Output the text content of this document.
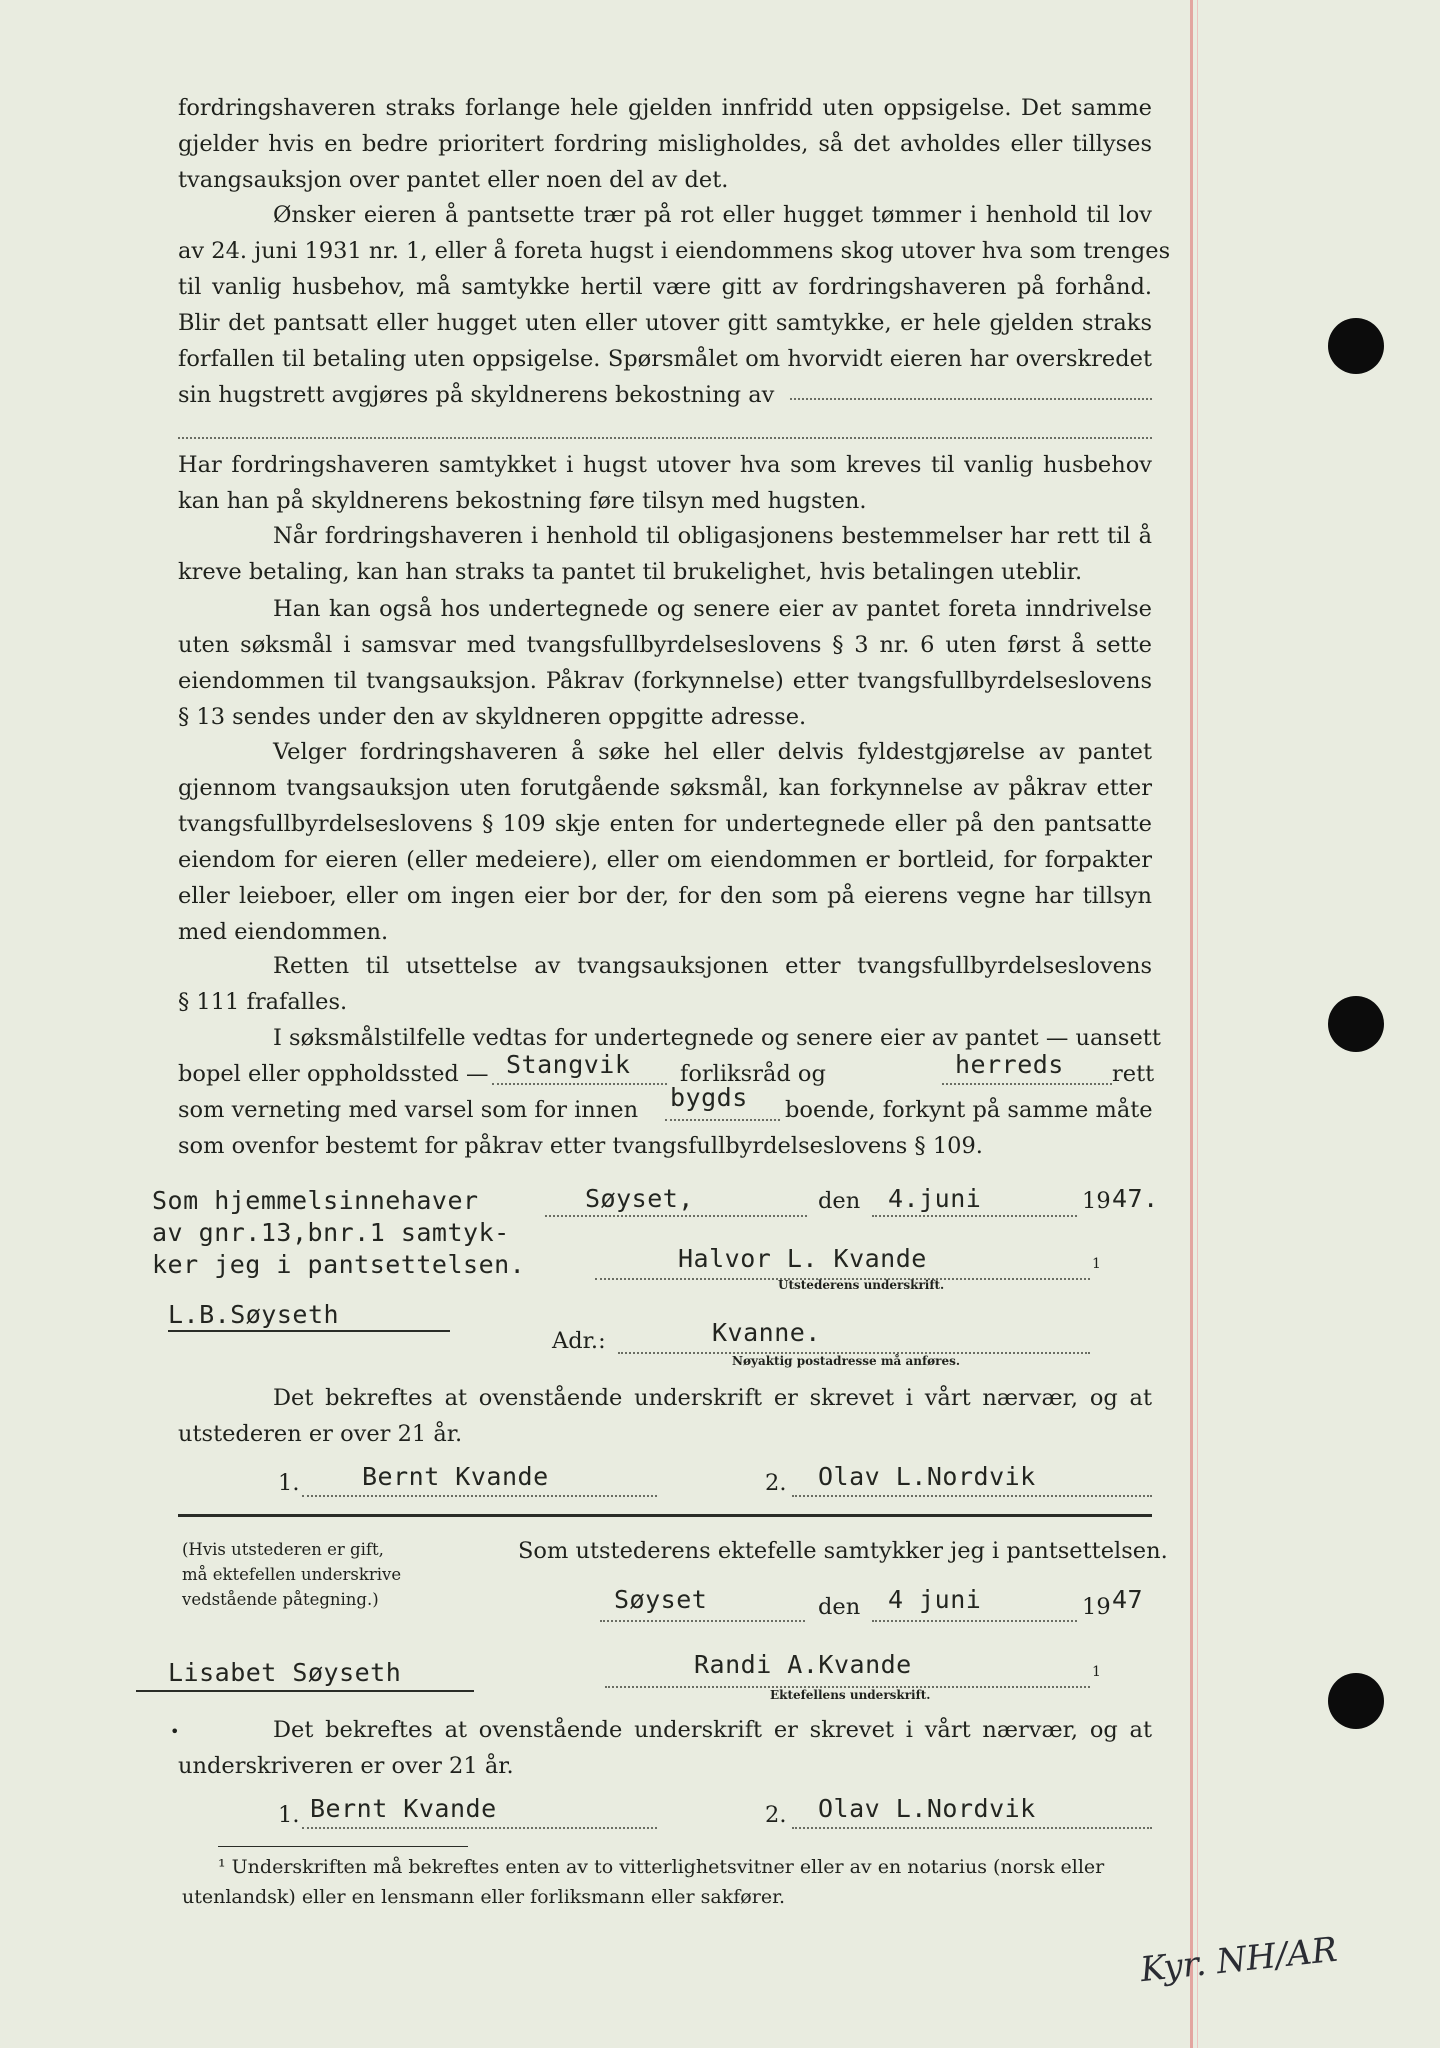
fordringshaveren straks forlange hele gjelden innfridd uten oppsigelse. Det samme
gjelder hvis en bedre prioritert fordring misligholdes, så det avholdes eller tillyses
tvangsauksjon over pantet eller noen del av det.
Ønsker eieren å pantsette trær på rot eller hugget tømmer i henhold til lov
av 24. juni 1931 nr. 1, eller å foreta hugst i eiendommens skog utover hva som trenges
til vanlig husbehov, må samtykke hertil være gitt av fordringshaveren på forhånd.
Blir det pantsatt eller hugget uten eller utover gitt samtykke, er hele gjelden straks
forfallen til betaling uten oppsigelse. Spørsmålet om hvorvidt eieren har overskredet
sin hugstrett avgjøres på skyldnerens bekostning av
Har fordringshaveren samtykket i hugst utover hva som kreves til vanlig husbehov
kan han på skyldnerens bekostning føre tilsyn med hugsten.
Når fordringshaveren i henhold til obligasjonens bestemmelser har rett til å
kreve betaling, kan han straks ta pantet til brukelighet, hvis betalingen uteblir.
Han kan også hos undertegnede og senere eier av pantet foreta inndrivelse
uten søksmål i samsvar med tvangsfullbyrdelseslovens § 3 nr. 6 uten først å sette
eiendommen til tvangsauksjon. Påkrav (forkynnelse) etter tvangsfullbyrdelseslovens
§ 13 sendes under den av skyldneren oppgitte adresse.
Velger fordringshaveren å søke hel eller delvis fyldestgjørelse av pantet
gjennom tvangsauksjon uten forutgående søksmål, kan forkynnelse av påkrav etter
tvangsfullbyrdelseslovens § 109 skje enten for undertegnede eller på den pantsatte
eiendom for eieren (eller medeiere), eller om eiendommen er bortleid, for forpakter
eller leieboer, eller om ingen eier bor der, for den som på eierens vegne har tillsyn
med eiendommen.
Retten til utsettelse av tvangsauksjonen etter tvangsfullbyrdelseslovens
§ 111 frafalles.
I søksmålstilfelle vedtas for undertegnede og senere eier av pantet — uansett
bopel eller oppholdssted — Stangvik forliksråd og	herreds rett
som verneting med varsel som for innen bygds boende, forkynt på samme måte
som ovenfor bestemt for påkrav etter tvangsfullbyrdelseslovens § 109.
Som hjemmelsinnehaver
av gnr.13,bnr.1 samtyk-
ker jeg i pantsettelsen.
Søyset,	den 4.juni	19 47.
Halvor L. Kvande	1
Utstederens underskrift.
L.B.Søyseth
Adr.:	Kvanne.
Nøyaktig postadresse må anføres.
Det bekreftes at ovenstående underskrift er skrevet i vårt nærvær, og at
utstederen er over 21 år.
1.	Bernt Kvande	2. Olav L.Nordvik
(Hvis utstederen er gift,
må ektefellen underskrive
vedstående påtegning.)
Som utstederens ektefelle samtykker jeg i pantsettelsen.
Søyset	den 4 juni	19 47
Lisabet Søyseth	Randi A.Kvande	1
Ektefellens underskrift.
•	Det bekreftes at ovenstående underskrift er skrevet i vårt nærvær, og at
underskriveren er over 21 år.
1. Bernt Kvande	2. Olav L.Nordvik
¹ Underskriften må bekreftes enten av to vitterlighetsvitner eller av en notarius (norsk eller
utenlandsk) eller en lensmann eller forliksmann eller sakfører.
Kyr. NH/AR
